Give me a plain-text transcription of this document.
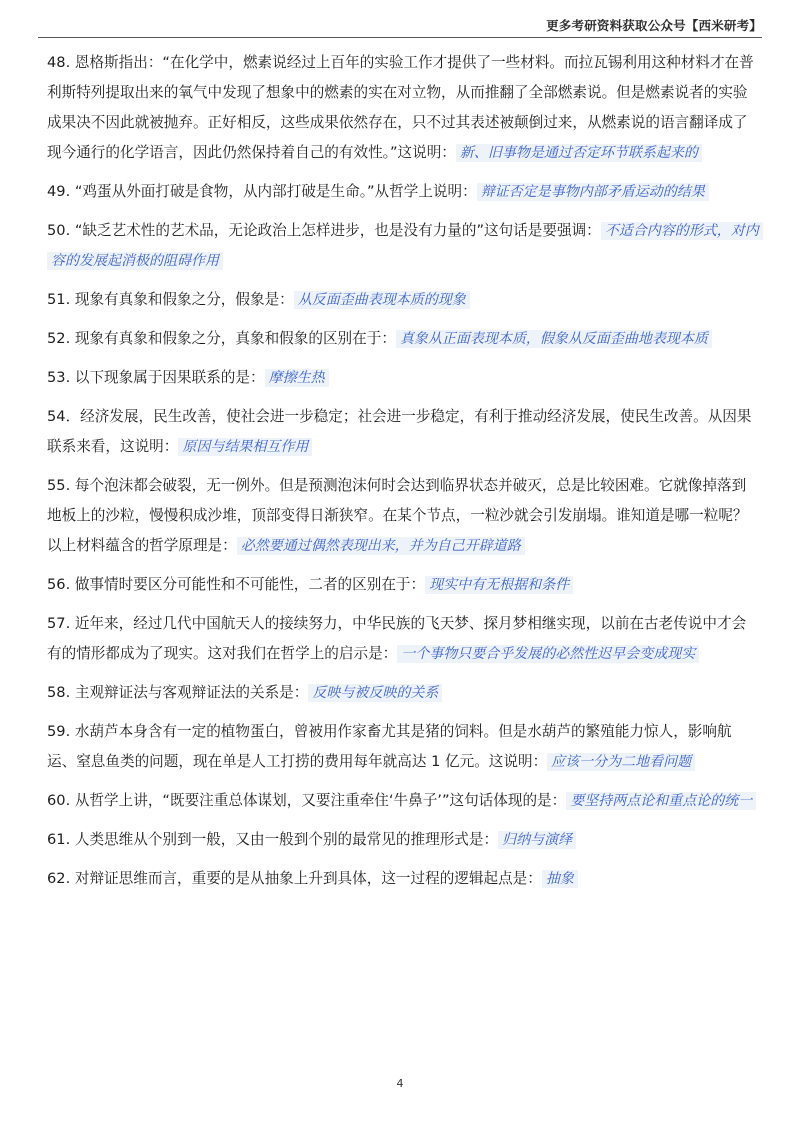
更多考研资料获取公众号【西米研考】
48. 恩格斯指出：“在化学中，燃素说经过上百年的实验工作才提供了一些材料。而拉瓦锡利用这种材料才在普利斯特列提取出来的氧气中发现了想象中的燃素的实在对立物，从而推翻了全部燃素说。但是燃素说者的实验成果决不因此就被抛弃。正好相反，这些成果依然存在，只不过其表述被颠倒过来，从燃素说的语言翻译成了现今通行的化学语言，因此仍然保持着自己的有效性。”这说明： 新、旧事物是通过否定环节联系起来的
49. “鸡蛋从外面打破是食物，从内部打破是生命。”从哲学上说明： 辩证否定是事物内部矛盾运动的结果
50. “缺乏艺术性的艺术品，无论政治上怎样进步，也是没有力量的”这句话是要强调： 不适合内容的形式，对内容的发展起消极的阻碍作用
51. 现象有真象和假象之分，假象是： 从反面歪曲表现本质的现象
52. 现象有真象和假象之分，真象和假象的区别在于： 真象从正面表现本质，假象从反面歪曲地表现本质
53. 以下现象属于因果联系的是： 摩擦生热
54．经济发展，民生改善，使社会进一步稳定；社会进一步稳定，有利于推动经济发展，使民生改善。从因果联系来看，这说明： 原因与结果相互作用
55. 每个泡沫都会破裂，无一例外。但是预测泡沫何时会达到临界状态并破灭，总是比较困难。它就像掉落到地板上的沙粒，慢慢积成沙堆，顶部变得日渐狭窄。在某个节点，一粒沙就会引发崩塌。谁知道是哪一粒呢？以上材料蕴含的哲学原理是： 必然要通过偶然表现出来，并为自己开辟道路
56. 做事情时要区分可能性和不可能性，二者的区别在于： 现实中有无根据和条件
57. 近年来，经过几代中国航天人的接续努力，中华民族的飞天梦、探月梦相继实现，以前在古老传说中才会有的情形都成为了现实。这对我们在哲学上的启示是： 一个事物只要合乎发展的必然性迟早会变成现实
58. 主观辩证法与客观辩证法的关系是： 反映与被反映的关系
59. 水葫芦本身含有一定的植物蛋白，曾被用作家畜尤其是猪的饲料。但是水葫芦的繁殖能力惊人，影响航运、窒息鱼类的问题，现在单是人工打捞的费用每年就高达 1 亿元。这说明： 应该一分为二地看问题
60. 从哲学上讲，“既要注重总体谋划，又要注重牵住‘牛鼻子’”这句话体现的是： 要坚持两点论和重点论的统一
61. 人类思维从个别到一般，又由一般到个别的最常见的推理形式是： 归纳与演绎
62. 对辩证思维而言，重要的是从抽象上升到具体，这一过程的逻辑起点是： 抽象
4
